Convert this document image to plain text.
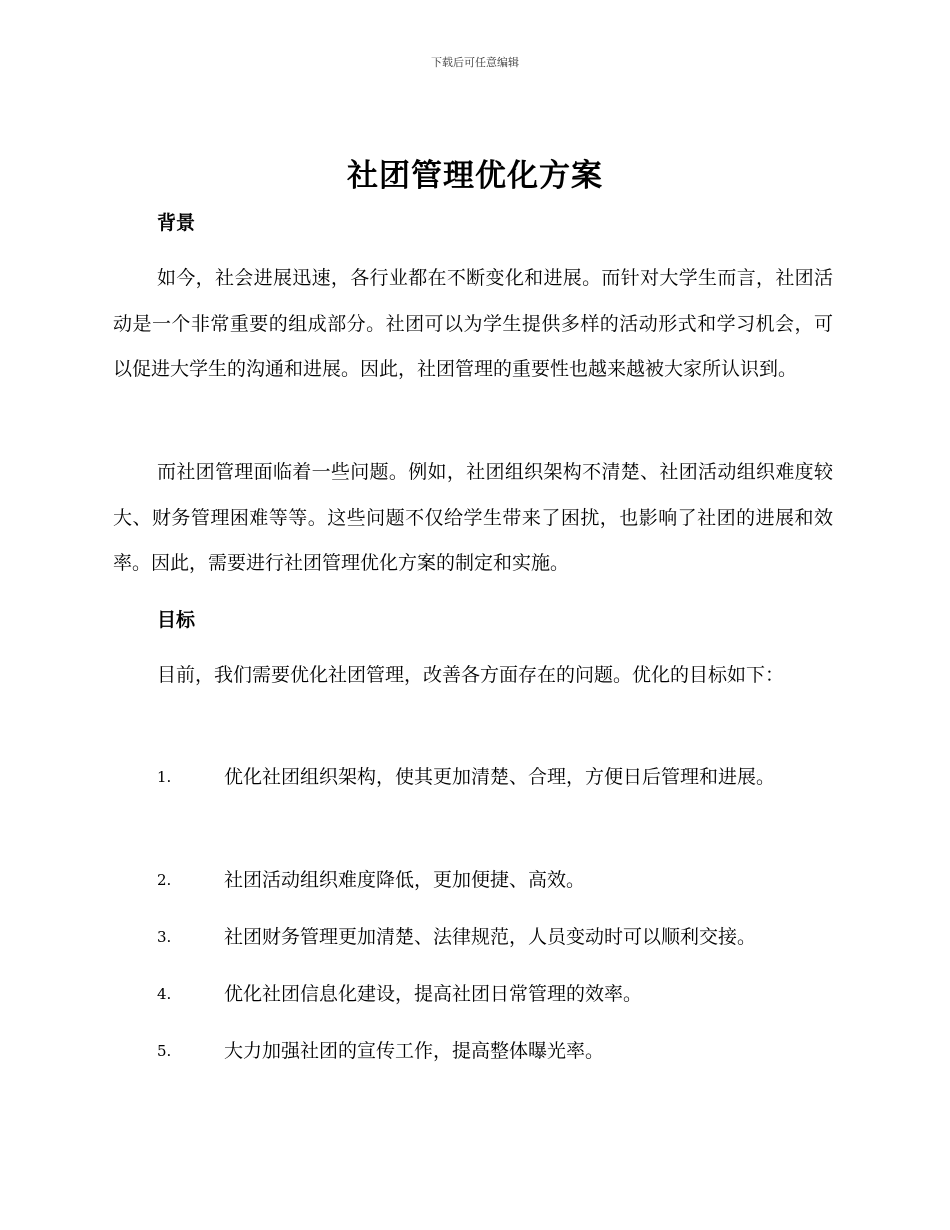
下载后可任意编辑
社团管理优化方案
背景

如今，社会进展迅速，各行业都在不断变化和进展。而针对大学生而言，社团活动是一个非常重要的组成部分。社团可以为学生提供多样的活动形式和学习机会，可以促进大学生的沟通和进展。因此，社团管理的重要性也越来越被大家所认识到。

而社团管理面临着一些问题。例如，社团组织架构不清楚、社团活动组织难度较大、财务管理困难等等。这些问题不仅给学生带来了困扰，也影响了社团的进展和效率。因此，需要进行社团管理优化方案的制定和实施。

目标

目前，我们需要优化社团管理，改善各方面存在的问题。优化的目标如下：

1.	优化社团组织架构，使其更加清楚、合理，方便日后管理和进展。
2.	社团活动组织难度降低，更加便捷、高效。
3.	社团财务管理更加清楚、法律规范，人员变动时可以顺利交接。
4.	优化社团信息化建设，提高社团日常管理的效率。
5.	大力加强社团的宣传工作，提高整体曝光率。
